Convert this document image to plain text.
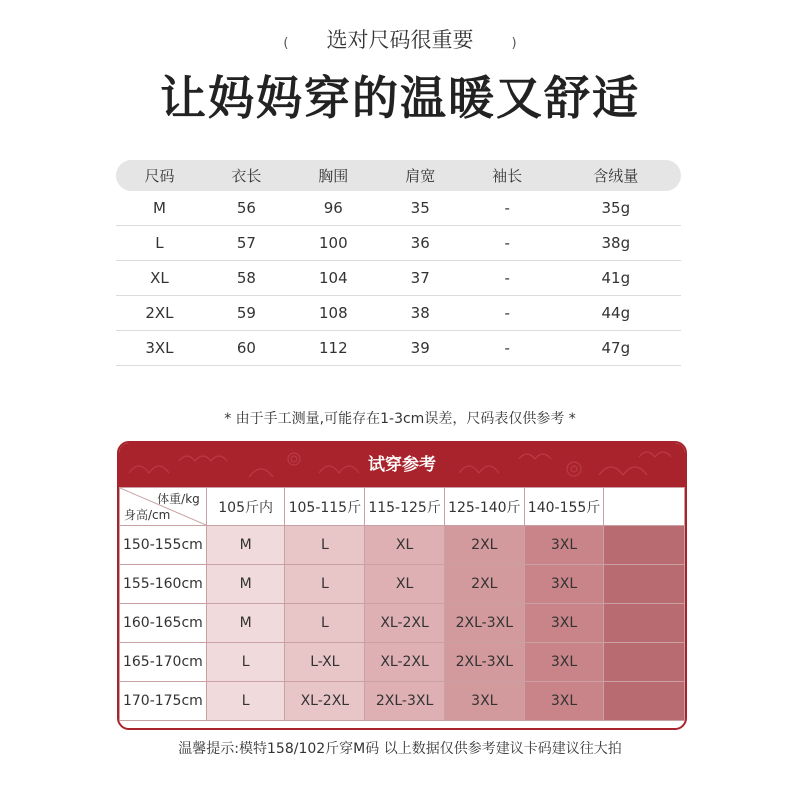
( 选对尺码很重要	)
让妈妈穿的温暖又舒适
尺码	衣长	胸围	肩宽	袖长	含绒量
M	56	96	35	-	35g
L	57	100	36	-	38g
XL	58	104	37	-	41g
2XL	59	108	38	-	44g
3XL	60	112	39	-	47g
* 由于手工测量,可能存在1-3cm误差，尺码表仅供参考 *
试穿参考
体重/kg
身高/cm	105斤内	105-115斤	115-125斤	125-140斤	140-155斤	
150-155cm	M	L	XL	2XL	3XL	
155-160cm	M	L	XL	2XL	3XL	
160-165cm	M	L	XL-2XL	2XL-3XL	3XL	
165-170cm	L	L-XL	XL-2XL	2XL-3XL	3XL	
170-175cm	L	XL-2XL	2XL-3XL	3XL	3XL	
温馨提示:模特158/102斤穿M码 以上数据仅供参考建议卡码建议往大拍
